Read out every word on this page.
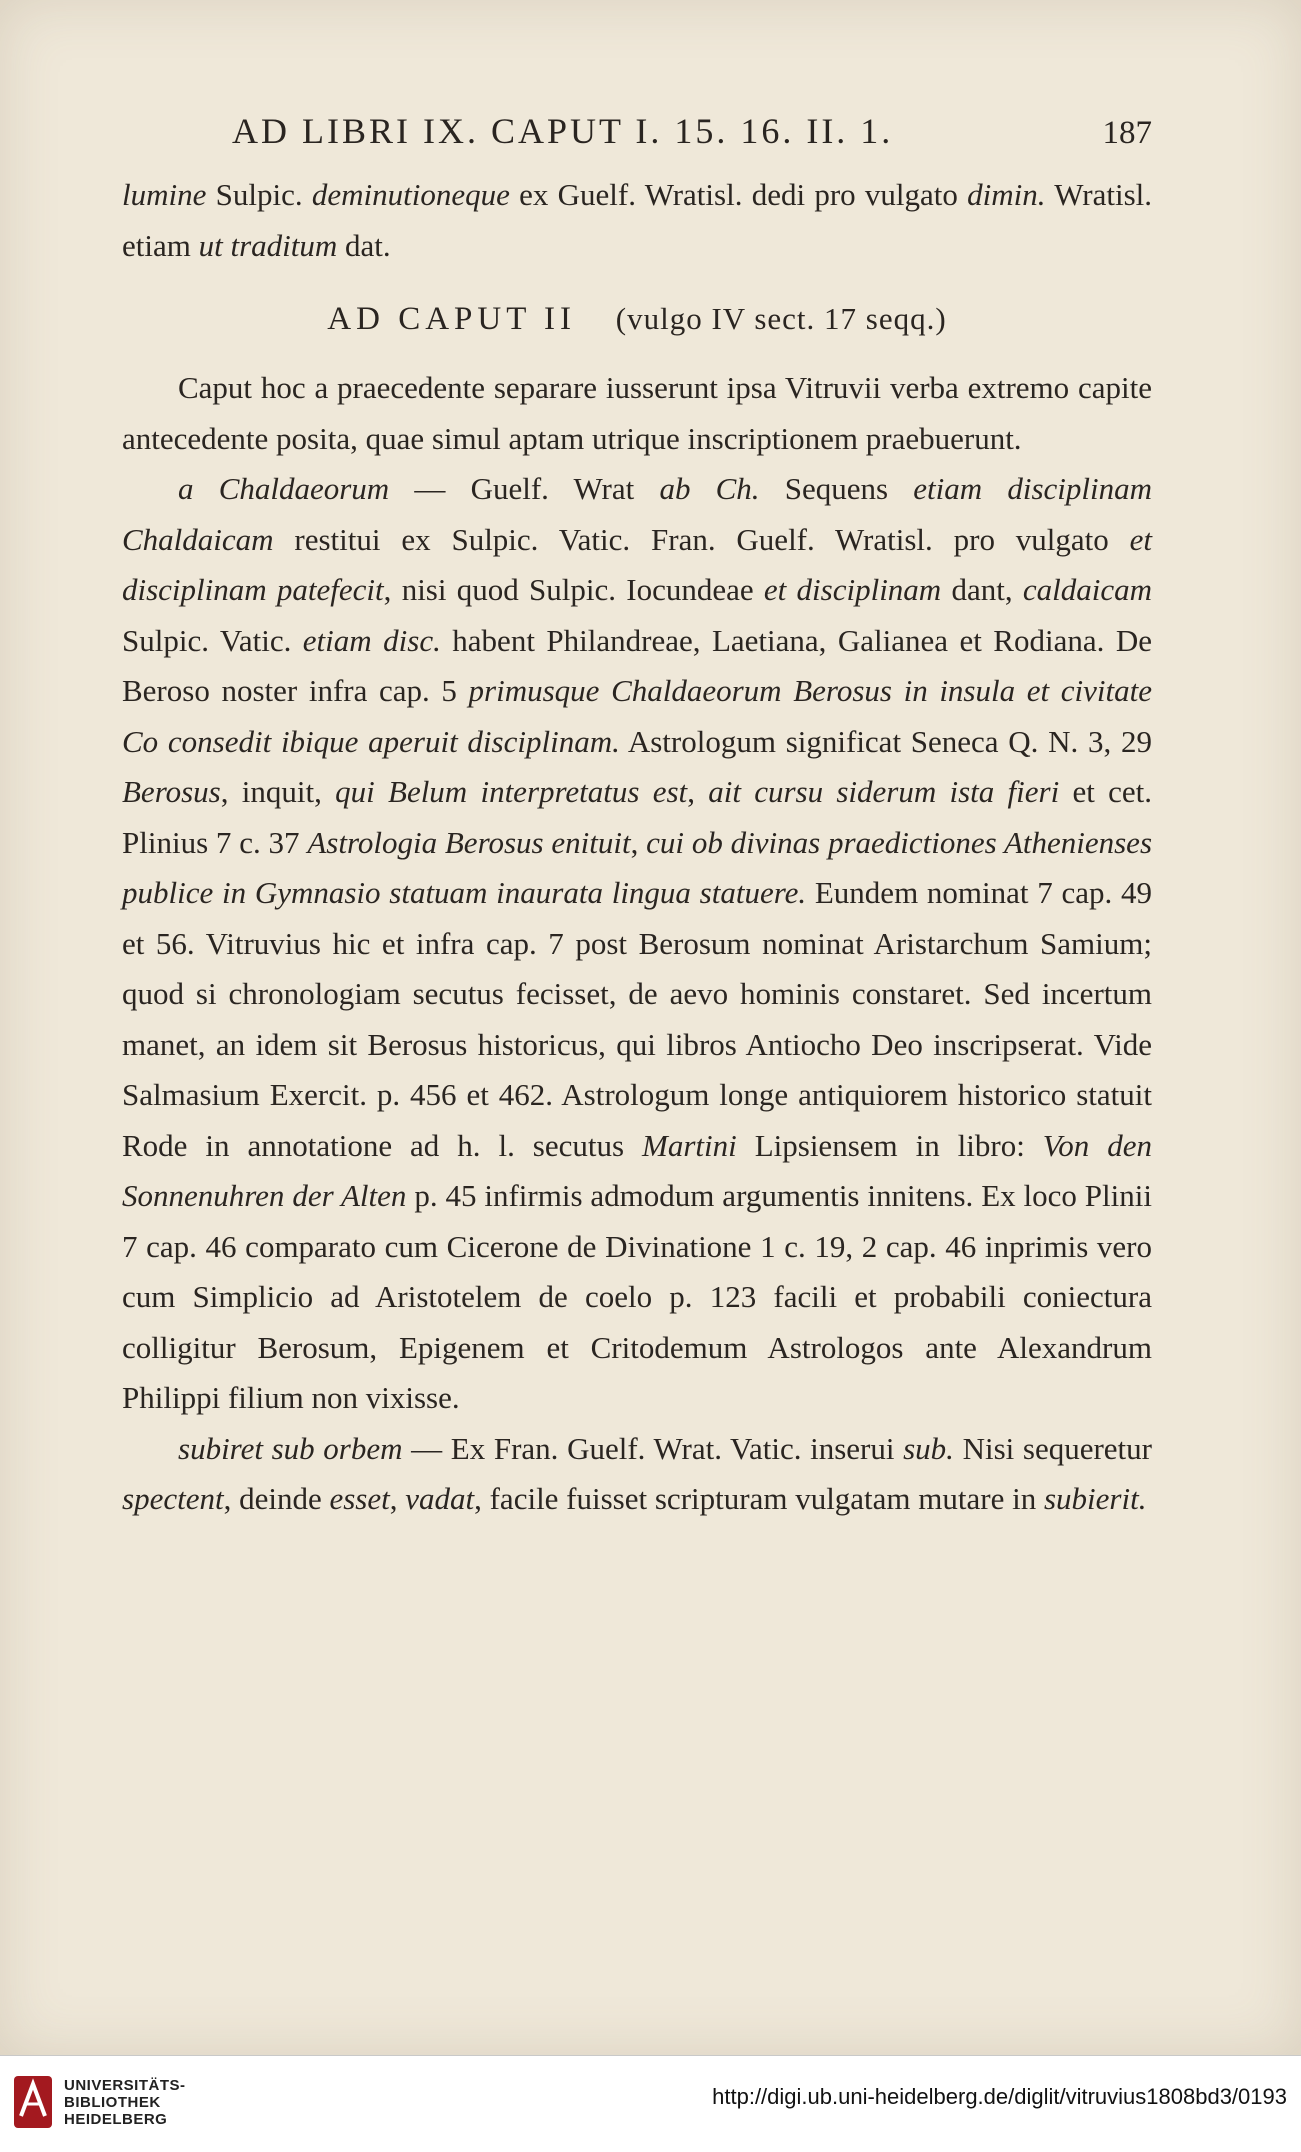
AD LIBRI IX. CAPUT I. 15. 16. II. 1.	187

lumine Sulpic. deminutioneque ex Guelf. Wratisl. dedi pro vulgato dimin. Wratisl. etiam ut traditum dat.

AD CAPUT II (vulgo IV sect. 17 seqq.)

Caput hoc a praecedente separare iusserunt ipsa Vitruvii verba extremo capite antecedente posita, quae simul aptam utrique inscriptionem praebuerunt.

a Chaldaeorum — Guelf. Wrat ab Ch. Sequens etiam disciplinam Chaldaicam restitui ex Sulpic. Vatic. Fran. Guelf. Wratisl. pro vulgato et disciplinam patefecit, nisi quod Sulpic. Iocundeae et disciplinam dant, caldaicam Sulpic. Vatic. etiam disc. habent Philandreae, Laetiana, Galianea et Rodiana. De Beroso noster infra cap. 5 primusque Chaldaeorum Berosus in insula et civitate Co consedit ibique aperuit disciplinam. Astrologum significat Seneca Q. N. 3, 29 Berosus, inquit, qui Belum interpretatus est, ait cursu siderum ista fieri et cet. Plinius 7 c. 37 Astrologia Berosus enituit, cui ob divinas praedictiones Athenienses publice in Gymnasio statuam inaurata lingua statuere. Eundem nominat 7 cap. 49 et 56. Vitruvius hic et infra cap. 7 post Berosum nominat Aristarchum Samium; quod si chronologiam secutus fecisset, de aevo hominis constaret. Sed incertum manet, an idem sit Berosus historicus, qui libros Antiocho Deo inscripserat. Vide Salmasium Exercit. p. 456 et 462. Astrologum longe antiquiorem historico statuit Rode in annotatione ad h. l. secutus Martini Lipsiensem in libro: Von den Sonnenuhren der Alten p. 45 infirmis admodum argumentis innitens. Ex loco Plinii 7 cap. 46 comparato cum Cicerone de Divinatione 1 c. 19, 2 cap. 46 inprimis vero cum Simplicio ad Aristotelem de coelo p. 123 facili et probabili coniectura colligitur Berosum, Epigenem et Critodemum Astrologos ante Alexandrum Philippi filium non vixisse.

subiret sub orbem — Ex Fran. Guelf. Wrat. Vatic. inserui sub. Nisi sequeretur spectent, deinde esset, vadat, facile fuisset scripturam vulgatam mutare in subierit.

UNIVERSITÄTS-
BIBLIOTHEK
HEIDELBERG
http://digi.ub.uni-heidelberg.de/diglit/vitruvius1808bd3/0193
